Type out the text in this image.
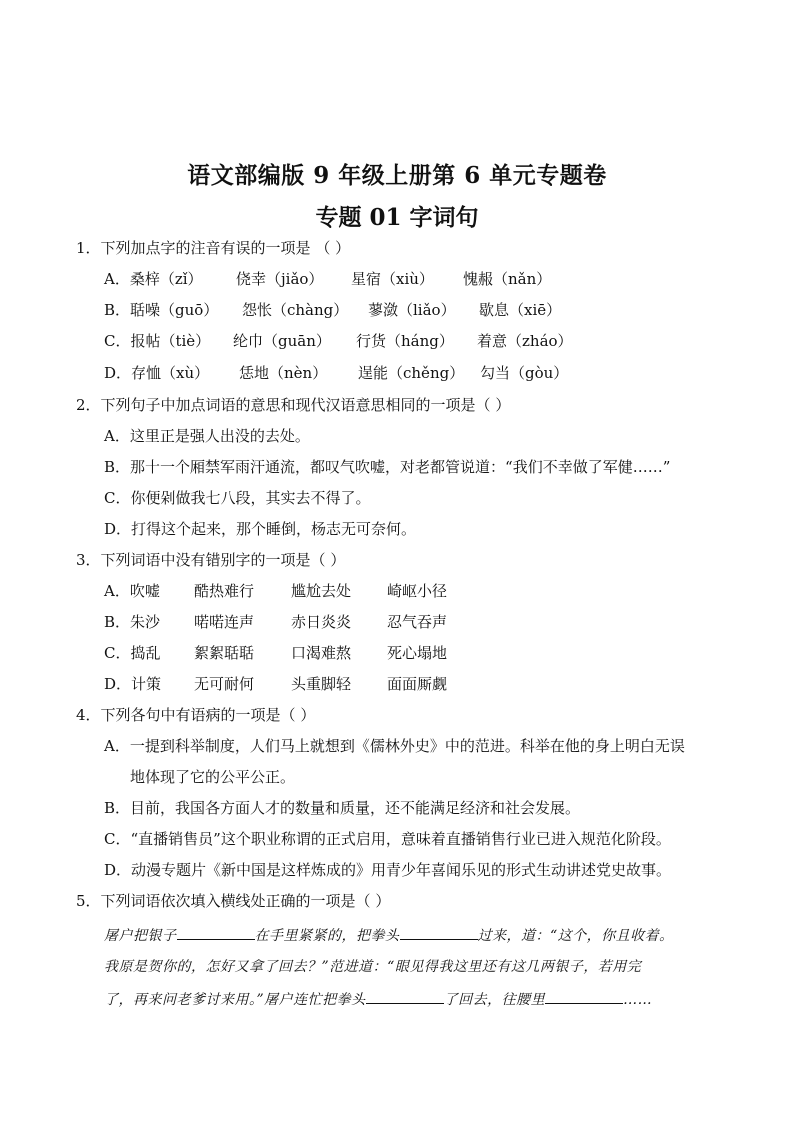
语文部编版 9 年级上册第 6 单元专题卷
专题 01 字词句
1．下列加点字的注音有误的一项是 （ ）
A．桑梓（zǐ） 侥幸（jiǎo） 星宿（xiù） 愧赧（nǎn）
B．聒噪（guō） 怨怅（chàng） 蓼潋（liǎo） 歇息（xiē）
C．报帖（tiè） 纶巾（guān） 行货（háng） 着意（zháo）
D．存恤（xù） 恁地（nèn） 逞能（chěng） 勾当（gòu）
2．下列句子中加点词语的意思和现代汉语意思相同的一项是（ ）
A．这里正是强人出没的去处。
B．那十一个厢禁军雨汗通流，都叹气吹嘘，对老都管说道：“我们不幸做了军健……”
C．你便剁做我七八段，其实去不得了。
D．打得这个起来，那个睡倒，杨志无可奈何。
3．下列词语中没有错别字的一项是（ ）
A．吹嘘 酷热难行 尴尬去处 崎岖小径
B．朱沙 喏喏连声 赤日炎炎 忍气吞声
C．捣乱 絮絮聒聒 口渴难熬 死心塌地
D．计策 无可耐何 头重脚轻 面面厮觑
4．下列各句中有语病的一项是（ ）
A．一提到科举制度，人们马上就想到《儒林外史》中的范进。科举在他的身上明白无误
地体现了它的公平公正。
B．目前，我国各方面人才的数量和质量，还不能满足经济和社会发展。
C．“直播销售员”这个职业称谓的正式启用，意味着直播销售行业已进入规范化阶段。
D．动漫专题片《新中国是这样炼成的》用青少年喜闻乐见的形式生动讲述党史故事。
5．下列词语依次填入横线处正确的一项是（ ）
屠户把银子	在手里紧紧的，把拳头	过来，道：“这个，你且收着。
我原是贺你的，怎好又拿了回去？”范进道：“眼见得我这里还有这几两银子，若用完
了，再来问老爹讨来用。”屠户连忙把拳头	了回去，往腰里	……
